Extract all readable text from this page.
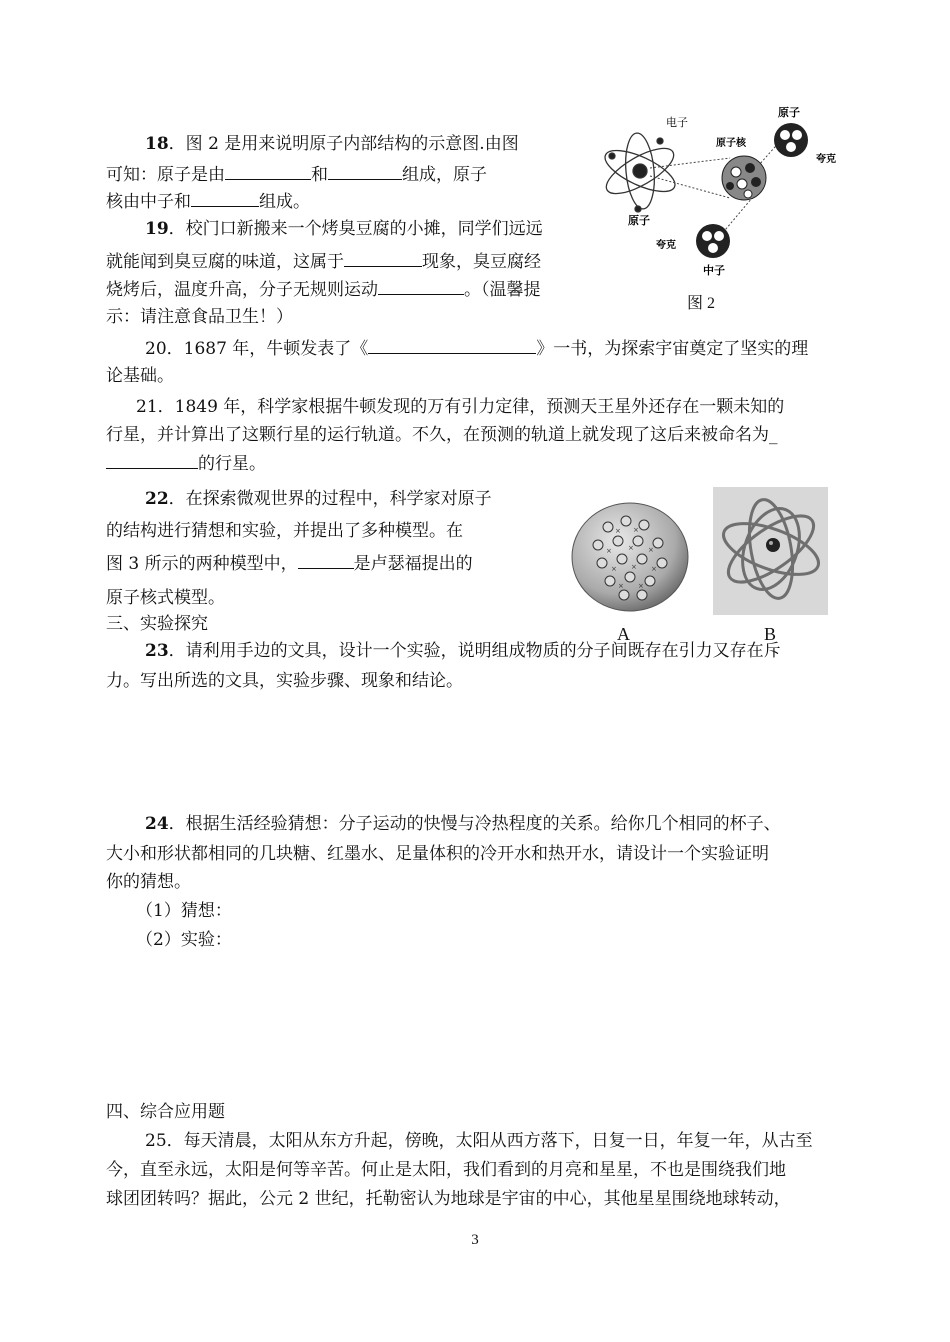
18．图 2 是用来说明原子内部结构的示意图.由图
可知：原子是由	和	组成，原子
核由中子和	组成。
19．校门口新搬来一个烤臭豆腐的小摊，同学们远远
就能闻到臭豆腐的味道，这属于	现象，臭豆腐经
烧烤后，温度升高，分子无规则运动	。（温馨提
示：请注意食品卫生！）
电子
原子核
原子
原子
夸克
夸克
中子
图 2
20．1687 年，牛顿发表了《	》一书，为探索宇宙奠定了坚实的理
论基础。
21．1849 年，科学家根据牛顿发现的万有引力定律，预测天王星外还存在一颗未知的
行星，并计算出了这颗行星的运行轨道。不久，在预测的轨道上就发现了这后来被命名为_
的行星。
22．在探索微观世界的过程中，科学家对原子
的结构进行猜想和实验，并提出了多种模型。在
图 3 所示的两种模型中，	是卢瑟福提出的
原子核式模型。
× ×
× × ×
× × ×
× ×
A	B
三、实验探究
23．请利用手边的文具，设计一个实验，说明组成物质的分子间既存在引力又存在斥
力。写出所选的文具，实验步骤、现象和结论。
24．根据生活经验猜想：分子运动的快慢与冷热程度的关系。给你几个相同的杯子、
大小和形状都相同的几块糖、红墨水、足量体积的冷开水和热开水，请设计一个实验证明
你的猜想。
（1）猜想：
（2）实验：
四、综合应用题
25．每天清晨，太阳从东方升起，傍晚，太阳从西方落下，日复一日，年复一年，从古至
今，直至永远，太阳是何等辛苦。何止是太阳，我们看到的月亮和星星，不也是围绕我们地
球团团转吗？据此，公元 2 世纪，托勒密认为地球是宇宙的中心，其他星星围绕地球转动，
3
